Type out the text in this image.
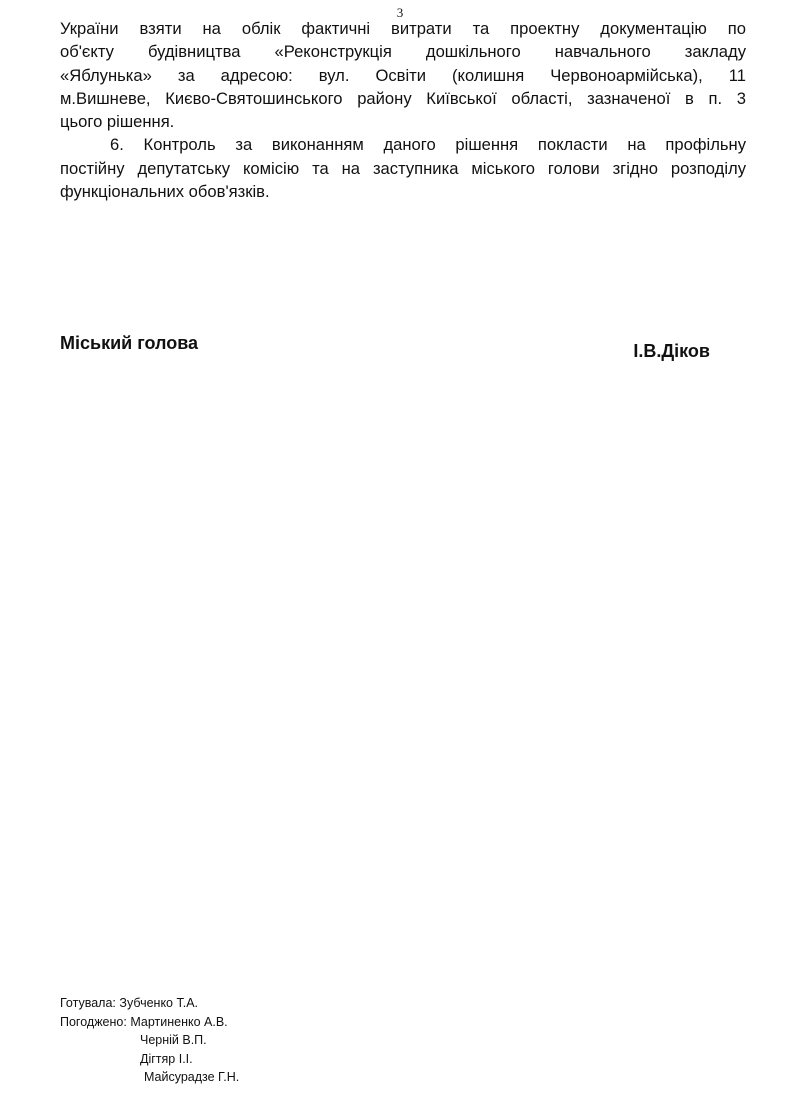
3

України взяти на облік фактичні витрати та проектну документацію по
об'єкту будівництва «Реконструкція дошкільного навчального закладу
«Яблунька» за адресою: вул. Освіти (колишня Червоноармійська), 11
м.Вишневе, Києво-Святошинського району Київської області, зазначеної в п. 3
цього рішення.

6. Контроль за виконанням даного рішення покласти на профільну
постійну депутатську комісію та на заступника міського голови згідно розподілу
функціональних обов'язків.

Міський голова	І.В.Діков
Готувала: Зубченко Т.А.
Погоджено: Мартиненко А.В.
Черній В.П.
Дігтяр І.І.
Майсурадзе Г.Н.
